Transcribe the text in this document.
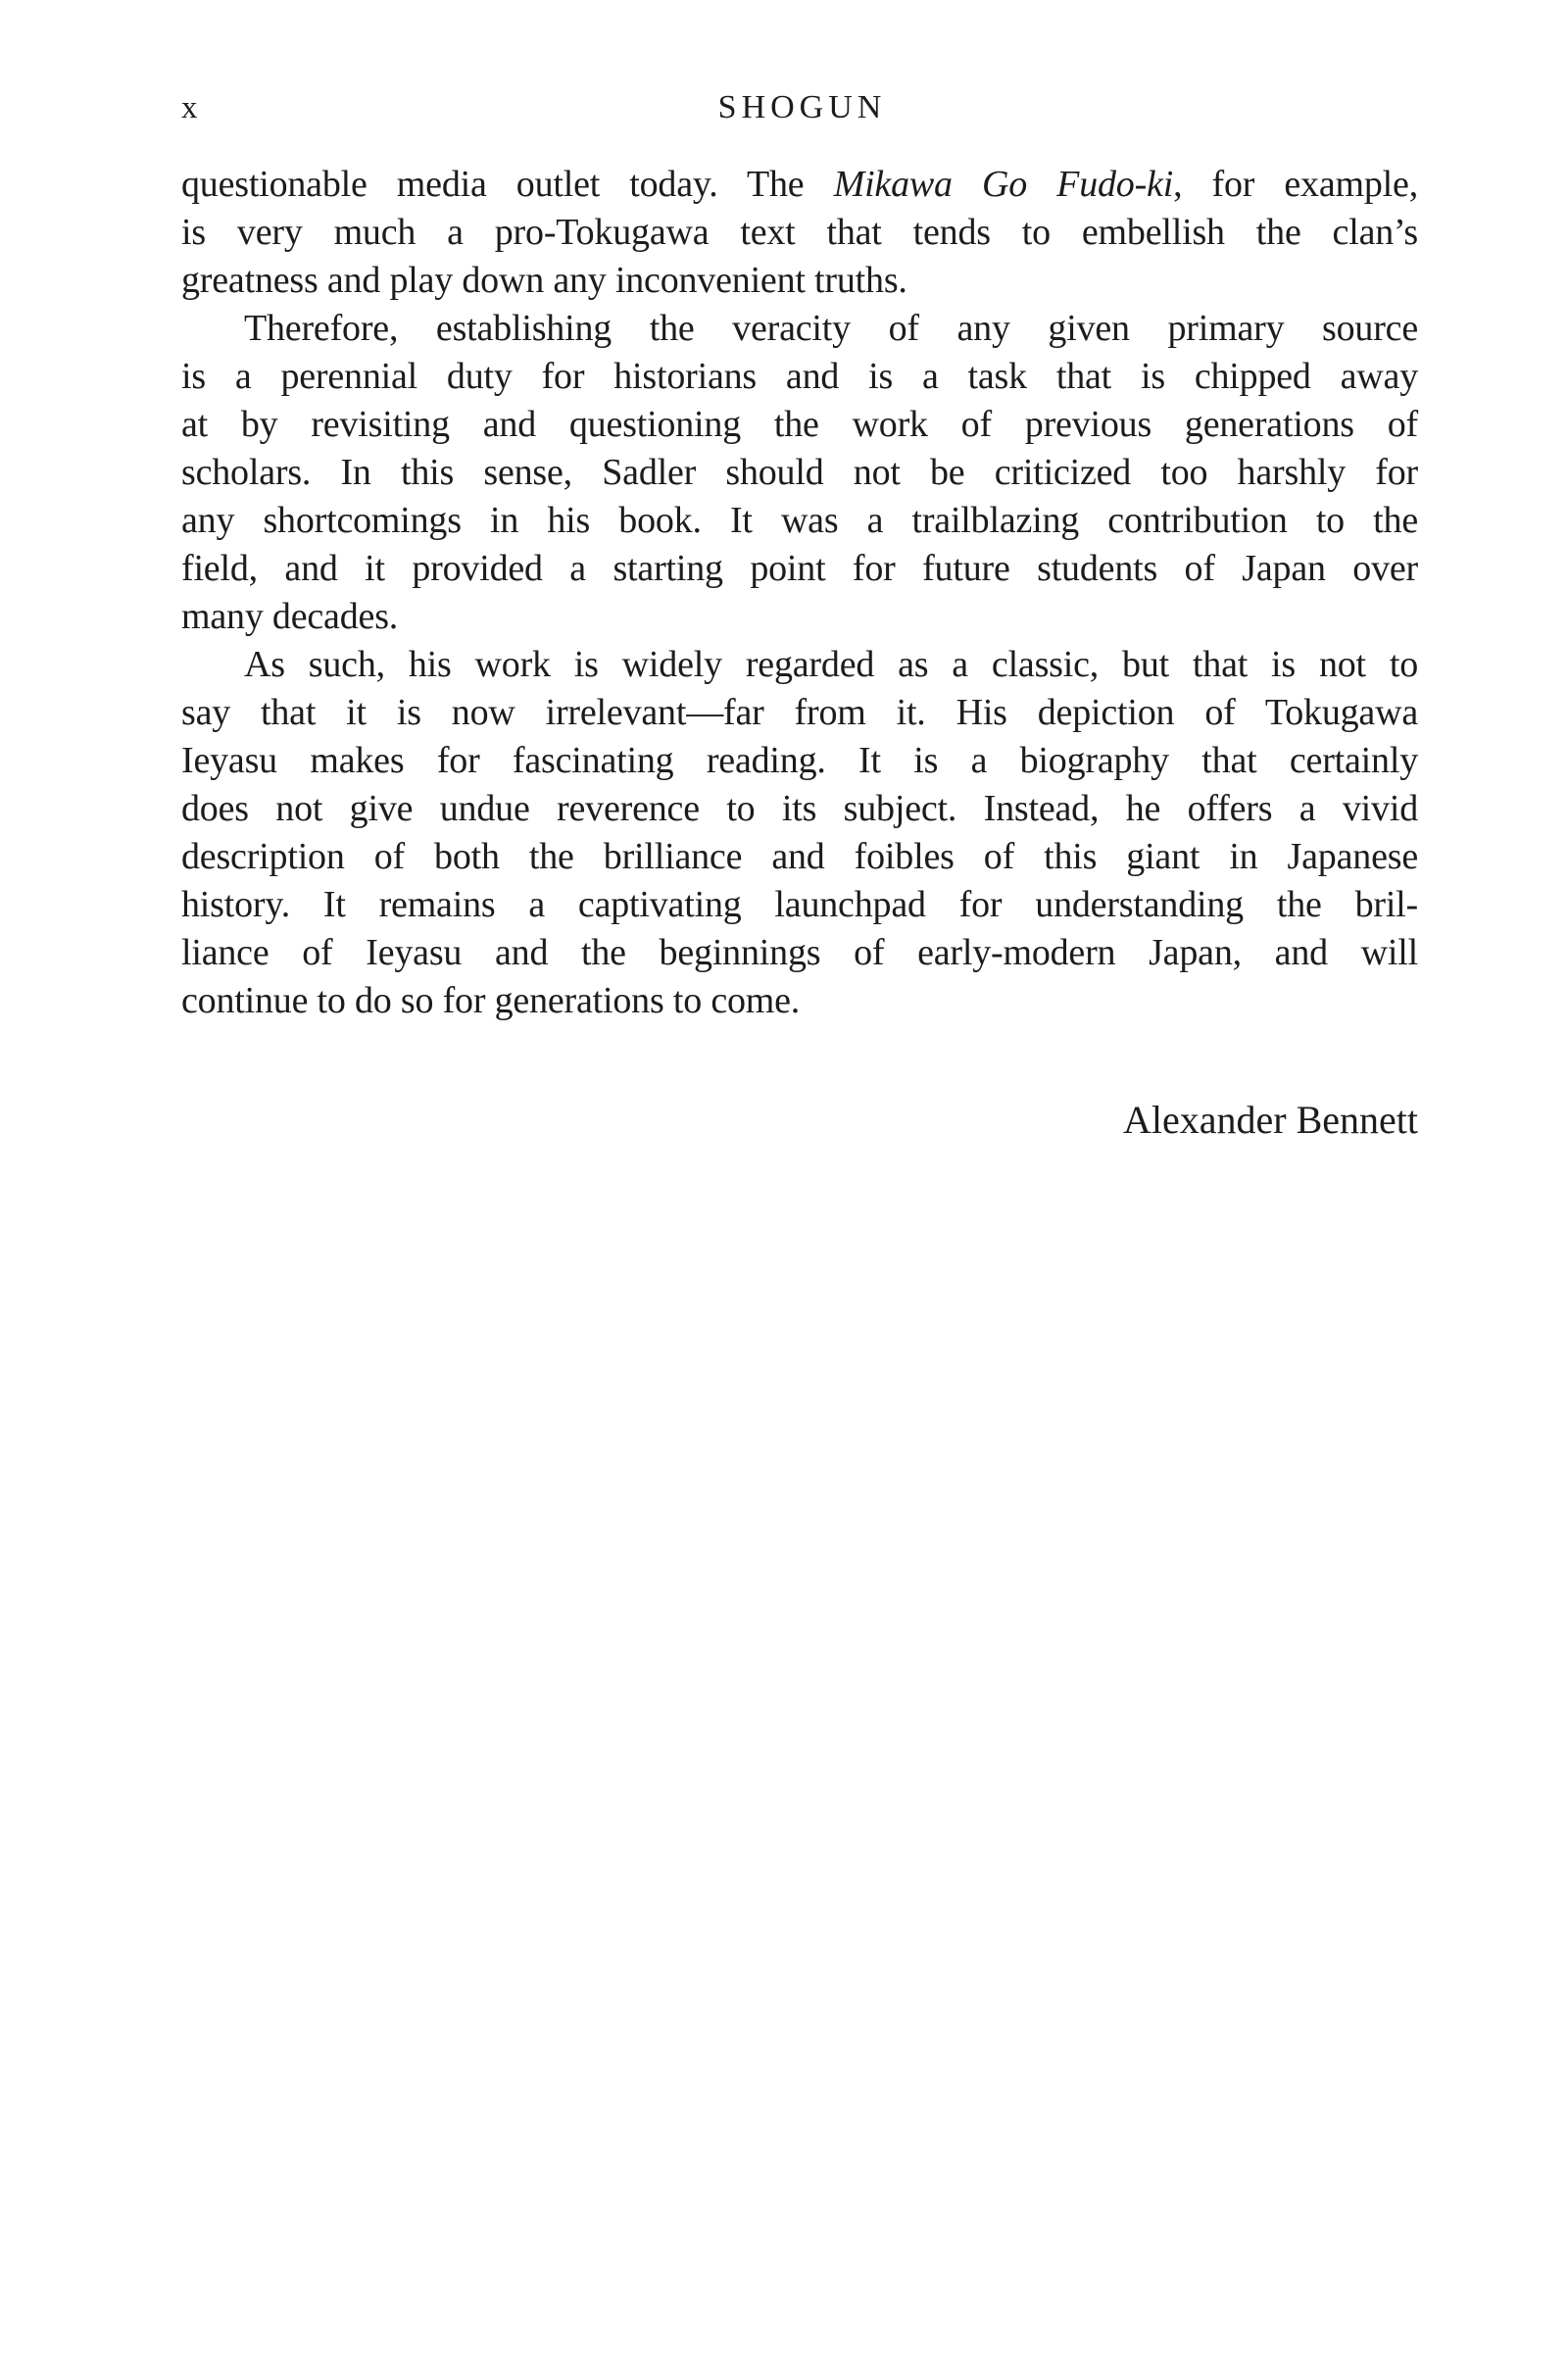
x	SHOGUN
questionable media outlet today. The Mikawa Go Fudo-ki, for example,
is very much a pro-Tokugawa text that tends to embellish the clan’s
greatness and play down any inconvenient truths.
Therefore, establishing the veracity of any given primary source
is a perennial duty for historians and is a task that is chipped away
at by revisiting and questioning the work of previous generations of
scholars. In this sense, Sadler should not be criticized too harshly for
any shortcomings in his book. It was a trailblazing contribution to the
field, and it provided a starting point for future students of Japan over
many decades.
As such, his work is widely regarded as a classic, but that is not to
say that it is now irrelevant—far from it. His depiction of Tokugawa
Ieyasu makes for fascinating reading. It is a biography that certainly
does not give undue reverence to its subject. Instead, he offers a vivid
description of both the brilliance and foibles of this giant in Japanese
history. It remains a captivating launchpad for understanding the bril-
liance of Ieyasu and the beginnings of early-modern Japan, and will
continue to do so for generations to come.
Alexander Bennett
